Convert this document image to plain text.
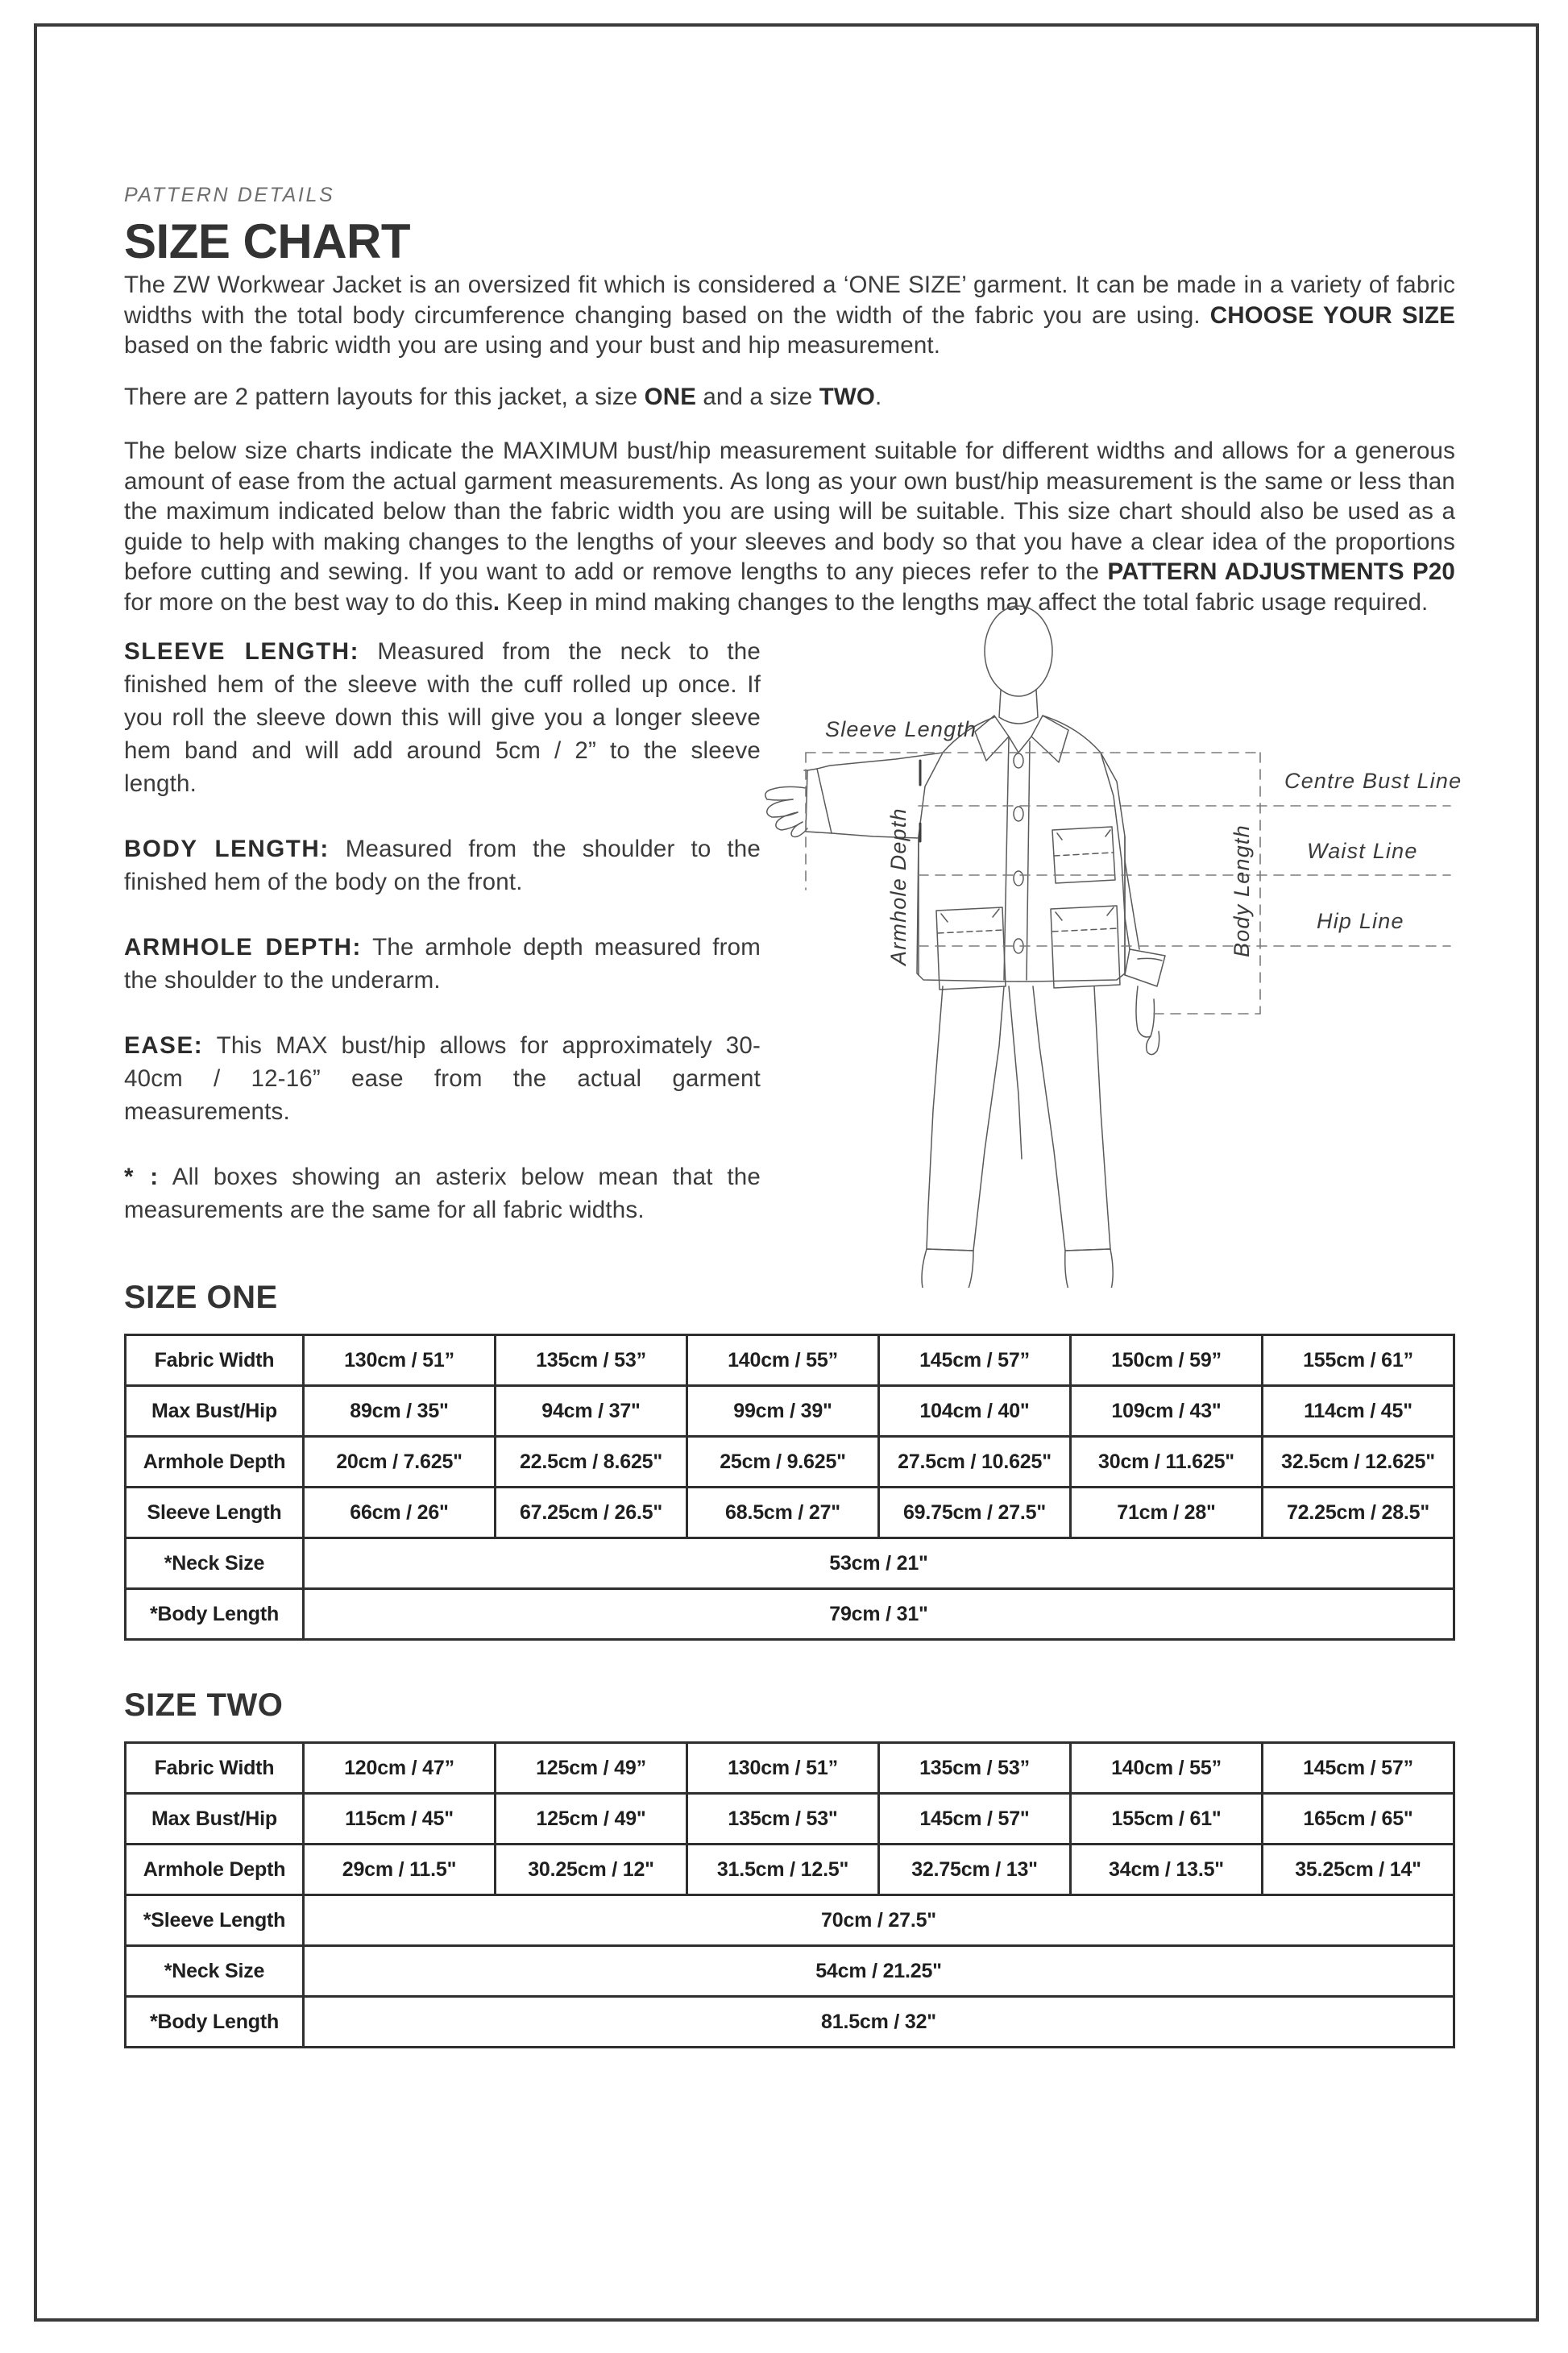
PATTERN DETAILS
SIZE CHART

The ZW Workwear Jacket is an oversized fit which is considered a ‘ONE SIZE’ garment. It can be made in a variety of fabric widths with the total body circumference changing based on the width of the fabric you are using. CHOOSE YOUR SIZE based on the fabric width you are using and your bust and hip measurement.

There are 2 pattern layouts for this jacket, a size ONE and a size TWO.

The below size charts indicate the MAXIMUM bust/hip measurement suitable for different widths and allows for a generous amount of ease from the actual garment measurements. As long as your own bust/hip measurement is the same or less than the maximum indicated below than the fabric width you are using will be suitable. This size chart should also be used as a guide to help with making changes to the lengths of your sleeves and body so that you have a clear idea of the proportions before cutting and sewing. If you want to add or remove lengths to any pieces refer to the PATTERN ADJUSTMENTS P20 for more on the best way to do this. Keep in mind making changes to the lengths may affect the total fabric usage required.

SLEEVE LENGTH: Measured from the neck to the finished hem of the sleeve with the cuff rolled up once. If you roll the sleeve down this will give you a longer sleeve hem band and will add around 5cm / 2” to the sleeve length.

BODY LENGTH: Measured from the shoulder to the finished hem of the body on the front.

ARMHOLE DEPTH: The armhole depth measured from the shoulder to the underarm.

EASE: This MAX bust/hip allows for approximately 30-40cm / 12-16” ease from the actual garment measurements.

* : All boxes showing an asterix below mean that the measurements are the same for all fabric widths.

Sleeve Length
Armhole Depth	Body Length
Centre Bust Line
Waist Line
Hip Line
SIZE ONE
Fabric Width	130cm / 51”	135cm / 53”	140cm / 55”	145cm / 57”	150cm / 59”	155cm / 61”
Max Bust/Hip	89cm / 35"	94cm / 37"	99cm / 39"	104cm / 40"	109cm / 43"	114cm / 45"
Armhole Depth	20cm / 7.625"	22.5cm / 8.625"	25cm / 9.625"	27.5cm / 10.625"	30cm / 11.625"	32.5cm / 12.625"
Sleeve Length	66cm / 26"	67.25cm / 26.5"	68.5cm / 27"	69.75cm / 27.5"	71cm / 28"	72.25cm / 28.5"
*Neck Size	53cm / 21"					
*Body Length	79cm / 31"					
SIZE TWO
Fabric Width	120cm / 47”	125cm / 49”	130cm / 51”	135cm / 53”	140cm / 55”	145cm / 57”
Max Bust/Hip	115cm / 45"	125cm / 49"	135cm / 53"	145cm / 57"	155cm / 61"	165cm / 65"
Armhole Depth	29cm / 11.5"	30.25cm / 12"	31.5cm / 12.5"	32.75cm / 13"	34cm / 13.5"	35.25cm / 14"
*Sleeve Length	70cm / 27.5"					
*Neck Size	54cm / 21.25"					
*Body Length	81.5cm / 32"					
